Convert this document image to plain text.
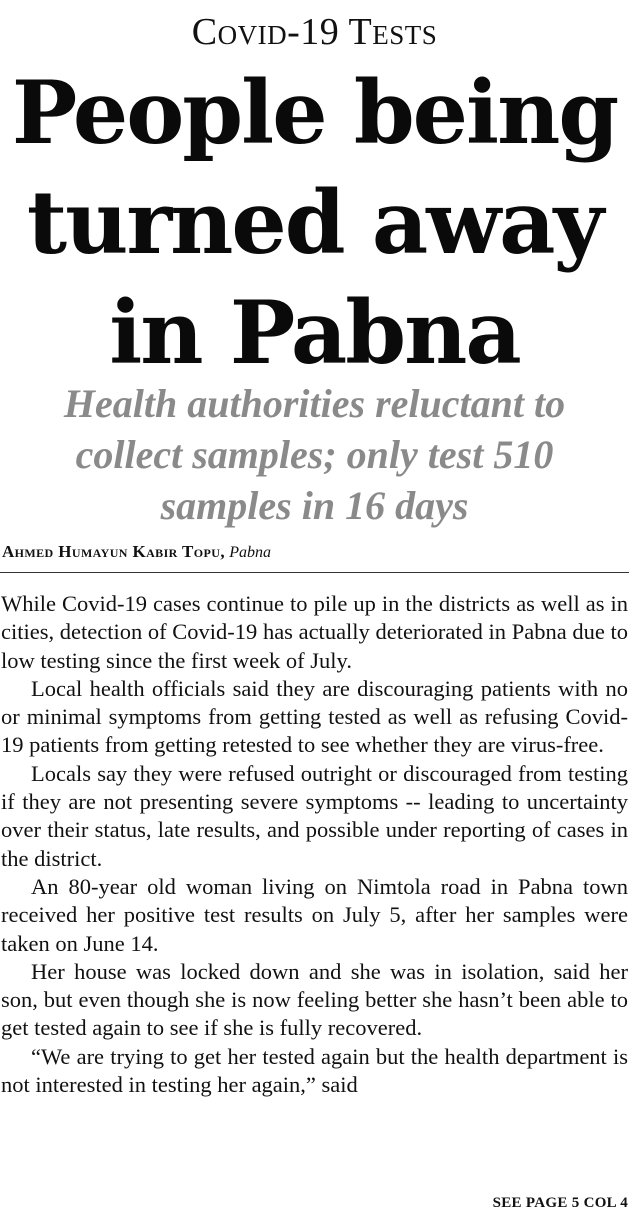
Covid-19 Tests
People being
turned away
in Pabna
Health authorities reluctant to
collect samples; only test 510
samples in 16 days
Ahmed Humayun Kabir Topu, Pabna

While Covid-19 cases continue to pile up in the districts as well as in cities, detection of Covid-19 has actually deteriorated in Pabna due to low testing since the first week of July.

Local health officials said they are discouraging patients with no or minimal symptoms from getting tested as well as refusing Covid-19 patients from getting retested to see whether they are virus-free.

Locals say they were refused outright or discouraged from testing if they are not presenting severe symptoms -- leading to uncertainty over their status, late results, and possible under reporting of cases in the district.

An 80-year old woman living on Nimtola road in Pabna town received her positive test results on July 5, after her samples were taken on June 14.

Her house was locked down and she was in isolation, said her son, but even though she is now feeling better she hasn’t been able to get tested again to see if she is fully recovered.

“We are trying to get her tested again but the health department is not interested in testing her again,” said

SEE PAGE 5 COL 4
